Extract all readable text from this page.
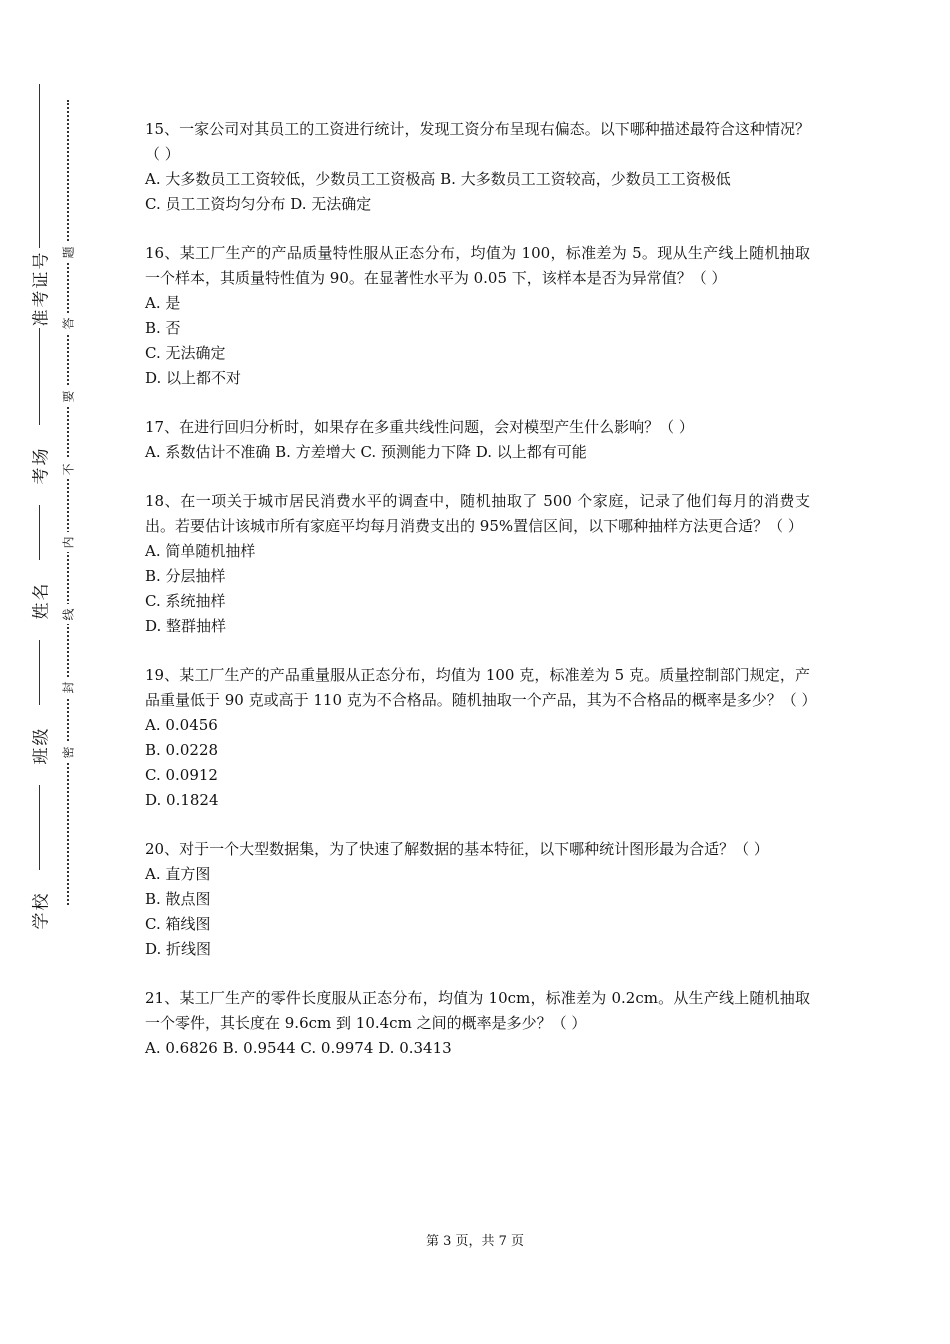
准考证号
考场
姓名
班级
学校
题
答
要
不
内
线
封
密
15、一家公司对其员工的工资进行统计，发现工资分布呈现右偏态。以下哪种描述最符合这种情况？（ ）
A. 大多数员工工资较低，少数员工工资极高 B. 大多数员工工资较高，少数员工工资极低
C. 员工工资均匀分布 D. 无法确定
16、某工厂生产的产品质量特性服从正态分布，均值为 100，标准差为 5。现从生产线上随机抽取一个样本，其质量特性值为 90。在显著性水平为 0.05 下，该样本是否为异常值？（ ）
A. 是
B. 否
C. 无法确定
D. 以上都不对
17、在进行回归分析时，如果存在多重共线性问题，会对模型产生什么影响？（ ）
A. 系数估计不准确 B. 方差增大 C. 预测能力下降 D. 以上都有可能
18、在一项关于城市居民消费水平的调查中，随机抽取了 500 个家庭，记录了他们每月的消费支出。若要估计该城市所有家庭平均每月消费支出的 95%置信区间，以下哪种抽样方法更合适？（ ）
A. 简单随机抽样
B. 分层抽样
C. 系统抽样
D. 整群抽样
19、某工厂生产的产品重量服从正态分布，均值为 100 克，标准差为 5 克。质量控制部门规定，产品重量低于 90 克或高于 110 克为不合格品。随机抽取一个产品，其为不合格品的概率是多少？（ ）
A. 0.0456
B. 0.0228
C. 0.0912
D. 0.1824
20、对于一个大型数据集，为了快速了解数据的基本特征，以下哪种统计图形最为合适？（ ）
A. 直方图
B. 散点图
C. 箱线图
D. 折线图
21、某工厂生产的零件长度服从正态分布，均值为 10cm，标准差为 0.2cm。从生产线上随机抽取一个零件，其长度在 9.6cm 到 10.4cm 之间的概率是多少？（ ）
A. 0.6826 B. 0.9544 C. 0.9974 D. 0.3413
第 3 页，共 7 页
